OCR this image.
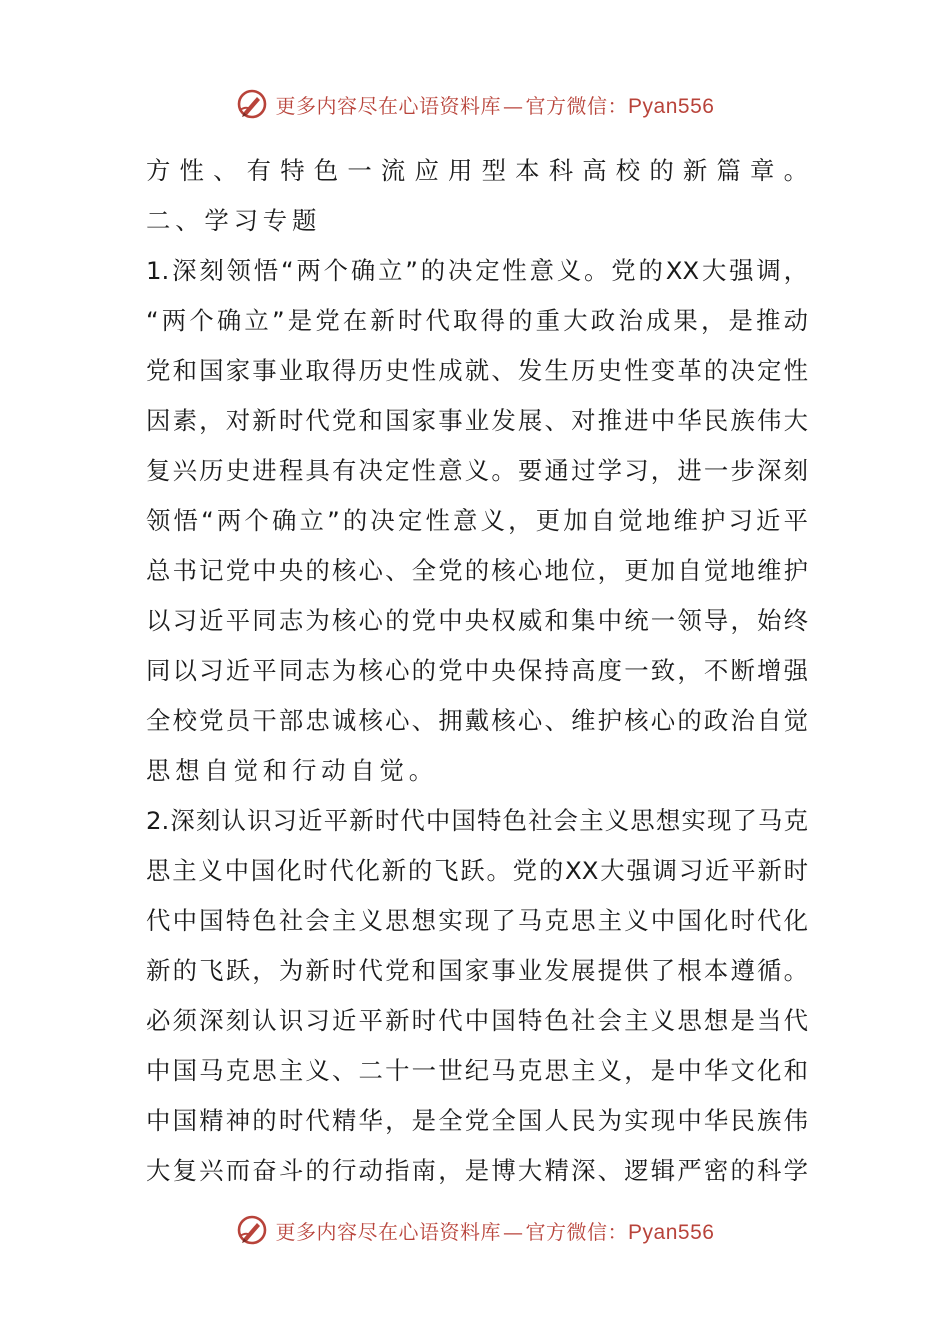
更多内容尽在心语资料库 — 官方微信：Pyan556
方性、有特色一流应用型本科高校的新篇章。
二、学习专题
1.深刻领悟“两个确立”的决定性意义。党的XX大强调，
“两个确立”是党在新时代取得的重大政治成果，是推动
党和国家事业取得历史性成就、发生历史性变革的决定性
因素，对新时代党和国家事业发展、对推进中华民族伟大
复兴历史进程具有决定性意义。要通过学习，进一步深刻
领悟“两个确立”的决定性意义，更加自觉地维护习近平
总书记党中央的核心、全党的核心地位，更加自觉地维护
以习近平同志为核心的党中央权威和集中统一领导，始终
同以习近平同志为核心的党中央保持高度一致，不断增强
全校党员干部忠诚核心、拥戴核心、维护核心的政治自觉
思想自觉和行动自觉。
2.深刻认识习近平新时代中国特色社会主义思想实现了马克
思主义中国化时代化新的飞跃。党的XX大强调习近平新时
代中国特色社会主义思想实现了马克思主义中国化时代化
新的飞跃，为新时代党和国家事业发展提供了根本遵循。
必须深刻认识习近平新时代中国特色社会主义思想是当代
中国马克思主义、二十一世纪马克思主义，是中华文化和
中国精神的时代精华，是全党全国人民为实现中华民族伟
大复兴而奋斗的行动指南，是博大精深、逻辑严密的科学
更多内容尽在心语资料库 — 官方微信：Pyan556
